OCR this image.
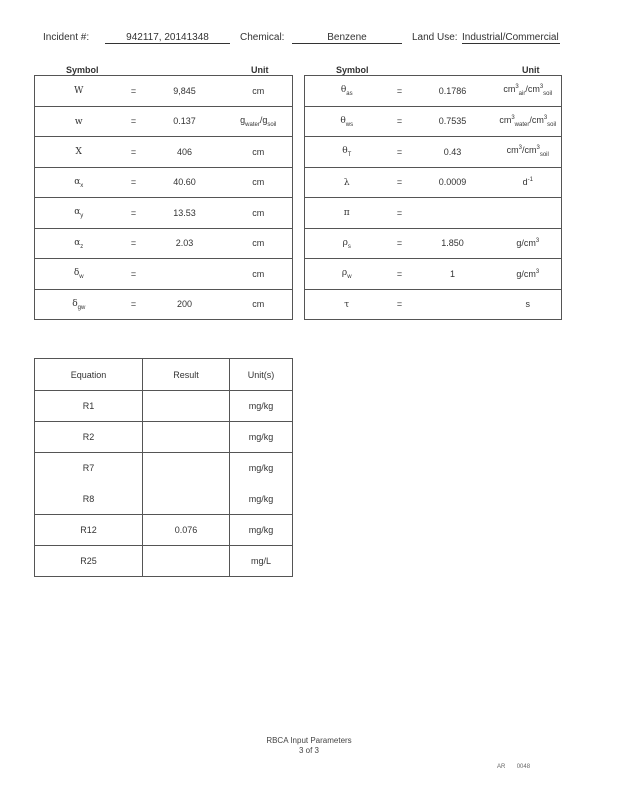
Incident #:	942117, 20141348	Chemical:	Benzene	Land Use: Industrial/Commercial
Symbol	Unit	Symbol	Unit
W	=	9,845	cm
w	=	0.137	$g_{water}/g_{soil}$
X	=	406	cm
$\alpha_x$	=	40.60	cm
$\alpha_y$	=	13.53	cm
$\alpha_z$	=	2.03	cm
$\delta_w$	=		cm
$\delta_{gw}$	=	200	cm
$\theta_{as}$	=	0.1786	$cm^3_{air}/cm^3_{soil}$
$\theta_{ws}$	=	0.7535	$cm^3_{water}/cm^3_{soil}$
$\theta_T$	=	0.43	$cm^3/cm^3_{soil}$
λ	=	0.0009	$d^{-1}$
π	=		
$\rho_s$	=	1.850	$g/cm^3$
$\rho_w$	=	1	$g/cm^3$
τ	=		s
Equation	Result	Unit(s)
R1		mg/kg
R2		mg/kg
R7		mg/kg
R8		mg/kg
R12	0.076	mg/kg
R25		mg/L
RBCA Input Parameters
3 of 3
AR 0048
